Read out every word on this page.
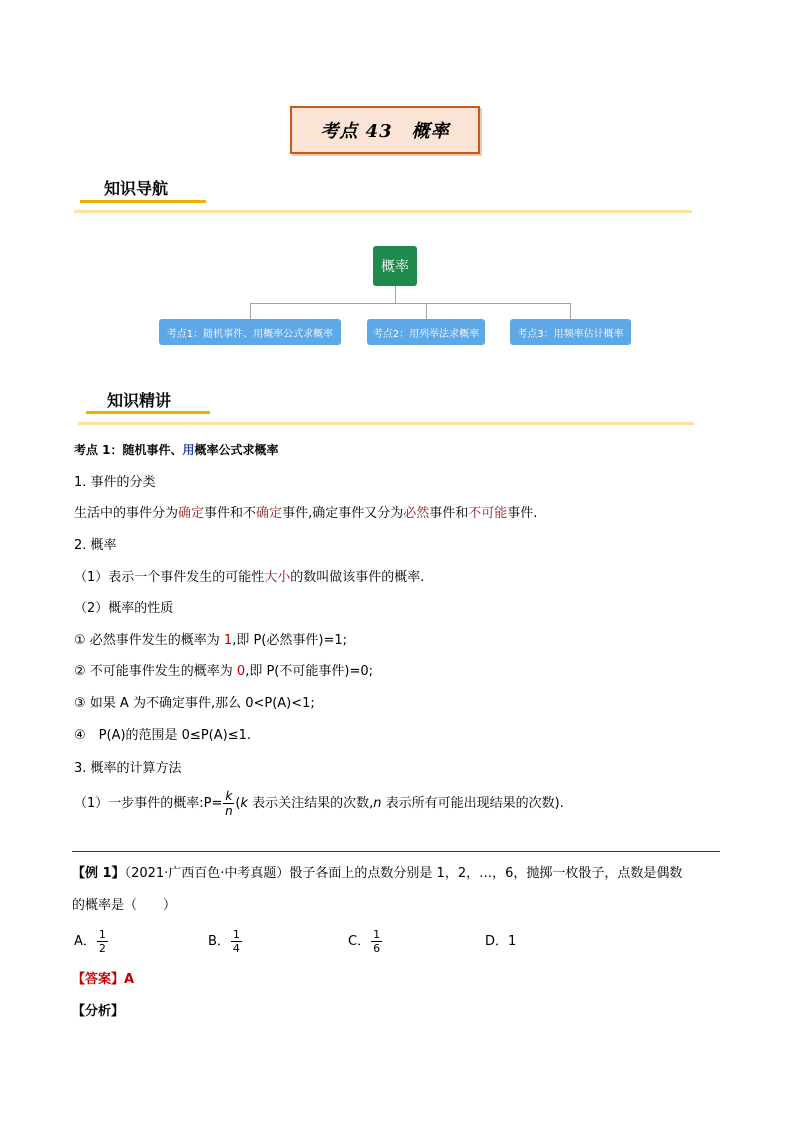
考点 43　概率
知识导航
概率
考点1：随机事件、用概率公式求概率	考点2：用列举法求概率	考点3：用频率估计概率
知识精讲
考点 1：随机事件、用概率公式求概率
1. 事件的分类
生活中的事件分为确定事件和不确定事件,确定事件又分为必然事件和不可能事件.
2. 概率
（1）表示一个事件发生的可能性大小的数叫做该事件的概率.
（2）概率的性质
① 必然事件发生的概率为 1,即 P(必然事件)=1;
② 不可能事件发生的概率为 0,即 P(不可能事件)=0;
③ 如果 A 为不确定事件,那么 0<P(A)<1;
④　P(A)的范围是 0≤P(A)≤1.
3. 概率的计算方法
（1）一步事件的概率:P= $\frac{k}{n} (k$ 表示关注结果的次数,n 表示所有可能出现结果的次数).
【例 1】（2021·广西百色·中考真题）骰子各面上的点数分别是 1，2，…，6，抛掷一枚骰子，点数是偶数
的概率是（　　）
A． $\frac{1}{2}$	B． $\frac{1}{4}$	C． $\frac{1}{6}$	D．1
【答案】A
【分析】
